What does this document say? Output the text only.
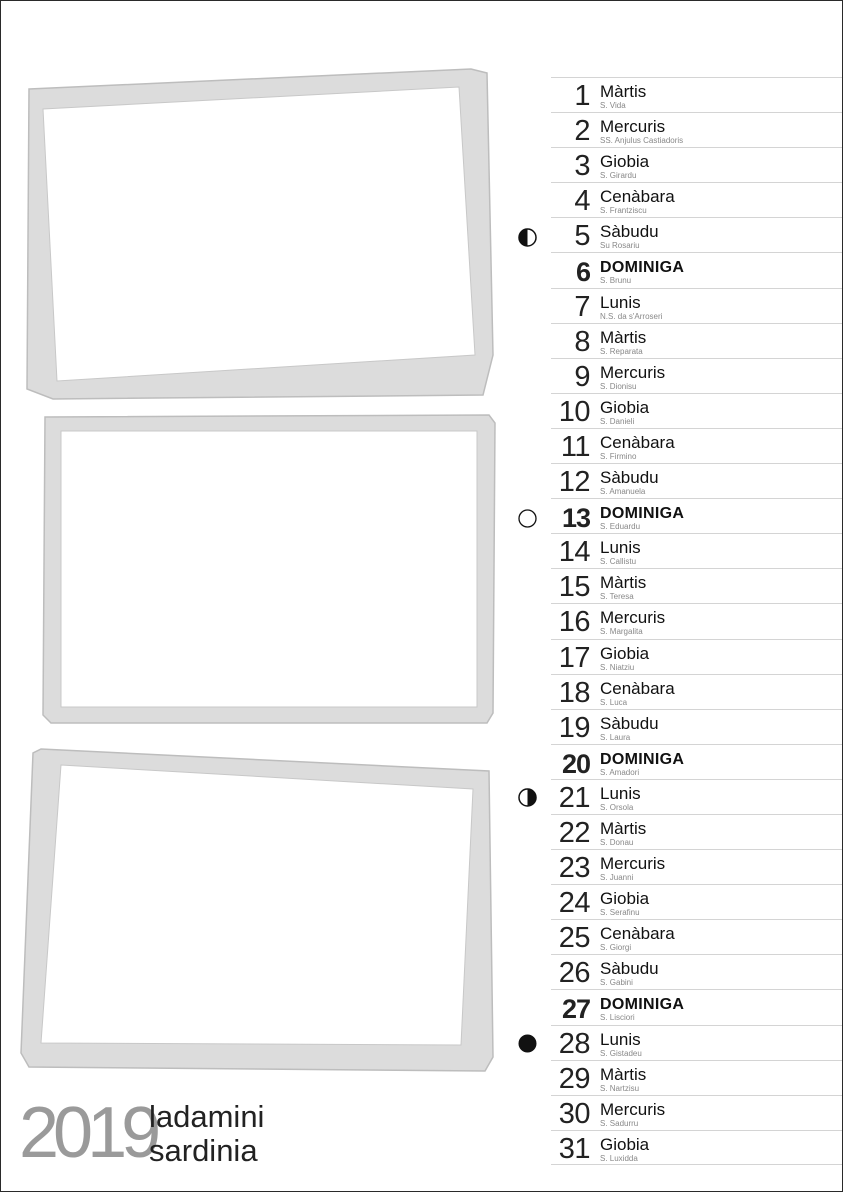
1 Màrtis
S. Vida
2 Mercuris
SS. Anjulus Castiadoris
3 Giobia
S. Girardu
4 Cenàbara
S. Frantziscu
5 Sàbudu
Su Rosariu
6 DOMINIGA
S. Brunu
7 Lunis
N.S. da s'Arroseri
8 Màrtis
S. Reparata
9 Mercuris
S. Dionisu
10 Giobia
S. Danieli
11 Cenàbara
S. Firmino
12 Sàbudu
S. Amanuela
13 DOMINIGA
S. Eduardu
14 Lunis
S. Callistu
15 Màrtis
S. Teresa
16 Mercuris
S. Margalita
17 Giobia
S. Niatziu
18 Cenàbara
S. Luca
19 Sàbudu
S. Laura
20 DOMINIGA
S. Amadori
21 Lunis
S. Orsola
22 Màrtis
S. Donau
23 Mercuris
S. Juanni
24 Giobia
S. Serafinu
25 Cenàbara
S. Giorgi
26 Sàbudu
S. Gabini
27 DOMINIGA
S. Lisciori
28 Lunis
S. Gistadeu
29 Màrtis
S. Nartzisu
30 Mercuris
S. Sadurru
31 Giobia
S. Luxidda
2019
ladamini
sardinia
